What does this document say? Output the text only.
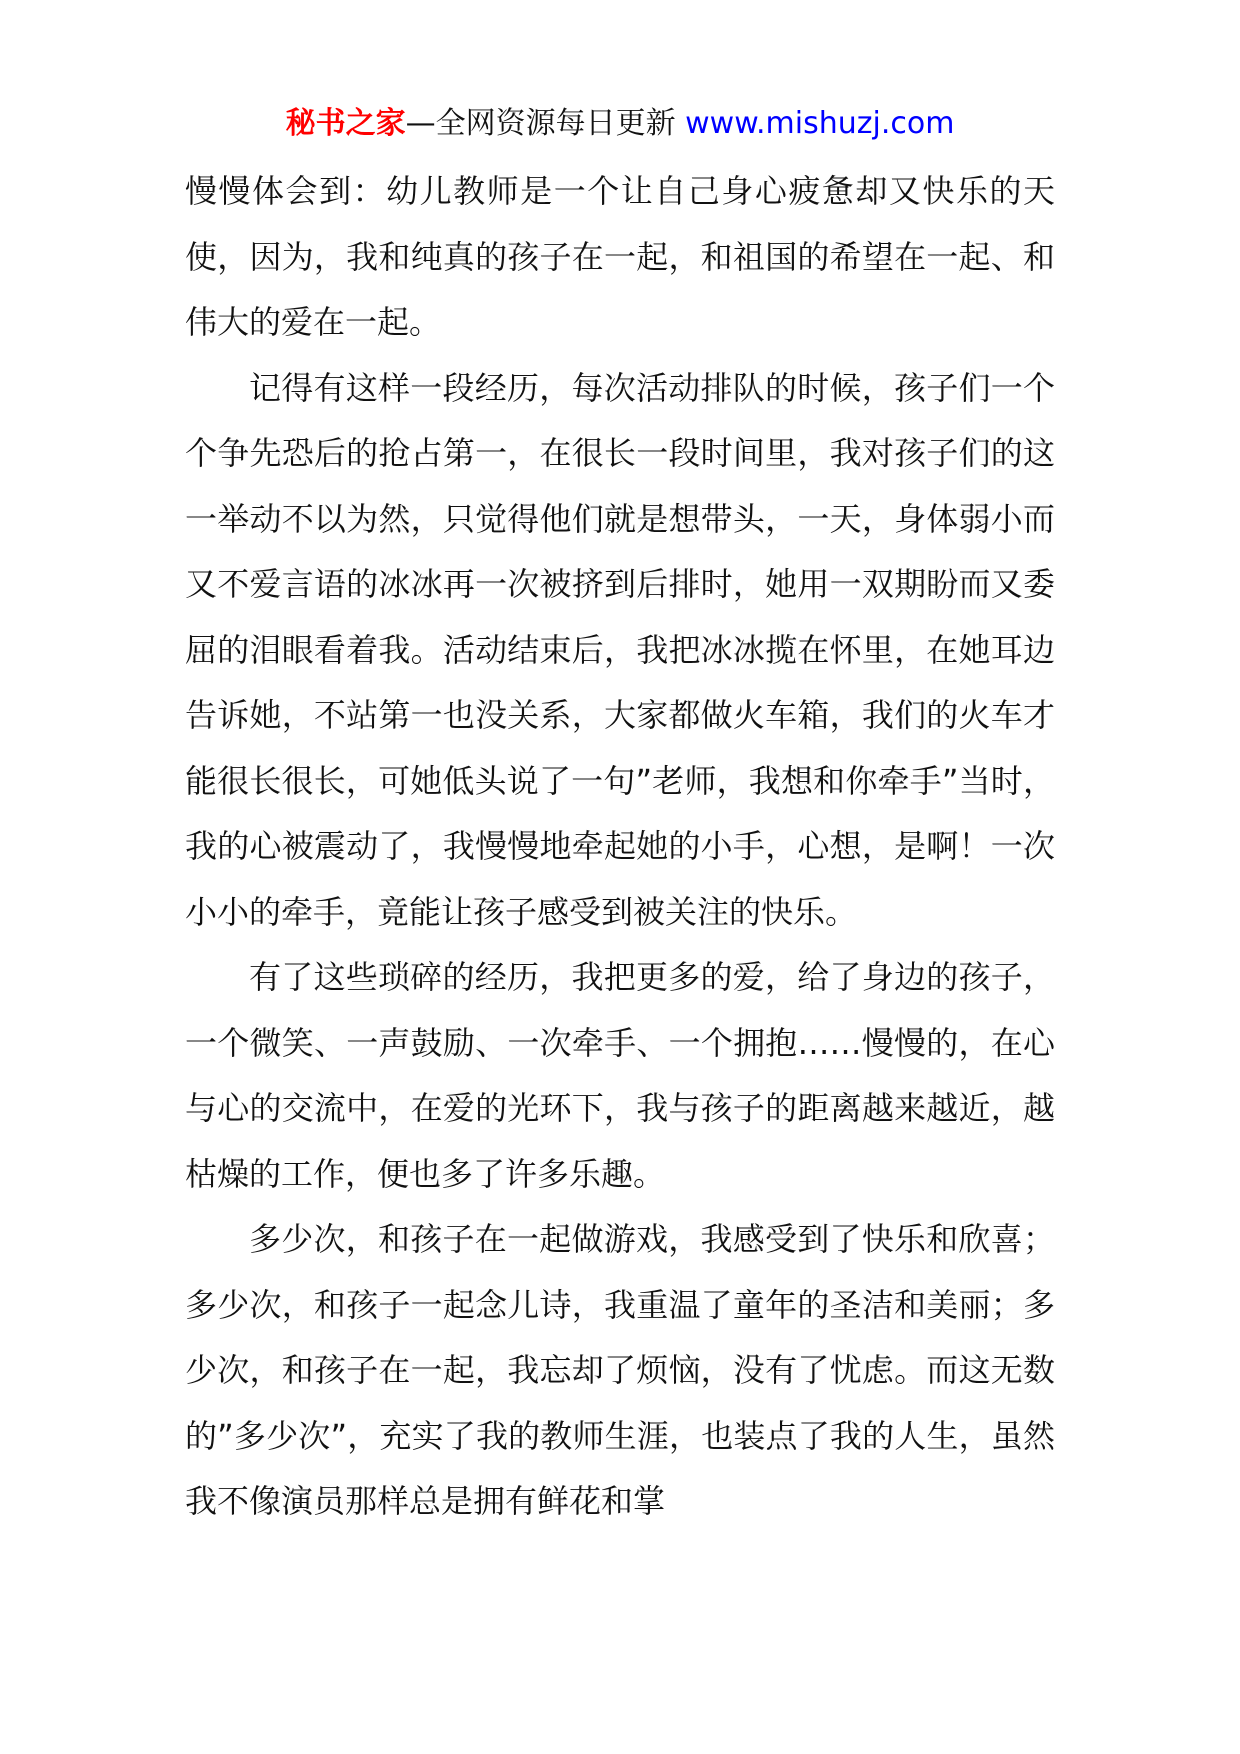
秘书之家—全网资源每日更新 www.mishuzj.com

慢慢体会到：幼儿教师是一个让自己身心疲惫却又快乐的天使，因为，我和纯真的孩子在一起，和祖国的希望在一起、和伟大的爱在一起。

记得有这样一段经历，每次活动排队的时候，孩子们一个个争先恐后的抢占第一，在很长一段时间里，我对孩子们的这一举动不以为然，只觉得他们就是想带头，一天，身体弱小而又不爱言语的冰冰再一次被挤到后排时，她用一双期盼而又委屈的泪眼看着我。活动结束后，我把冰冰揽在怀里，在她耳边告诉她，不站第一也没关系，大家都做火车箱，我们的火车才能很长很长，可她低头说了一句”老师，我想和你牵手”当时，我的心被震动了，我慢慢地牵起她的小手，心想，是啊！一次小小的牵手，竟能让孩子感受到被关注的快乐。

有了这些琐碎的经历，我把更多的爱，给了身边的孩子，一个微笑、一声鼓励、一次牵手、一个拥抱……慢慢的，在心与心的交流中，在爱的光环下，我与孩子的距离越来越近，越枯燥的工作，便也多了许多乐趣。

多少次，和孩子在一起做游戏，我感受到了快乐和欣喜；多少次，和孩子一起念儿诗，我重温了童年的圣洁和美丽；多少次，和孩子在一起，我忘却了烦恼，没有了忧虑。而这无数的”多少次”，充实了我的教师生涯，也装点了我的人生，虽然我不像演员那样总是拥有鲜花和掌
